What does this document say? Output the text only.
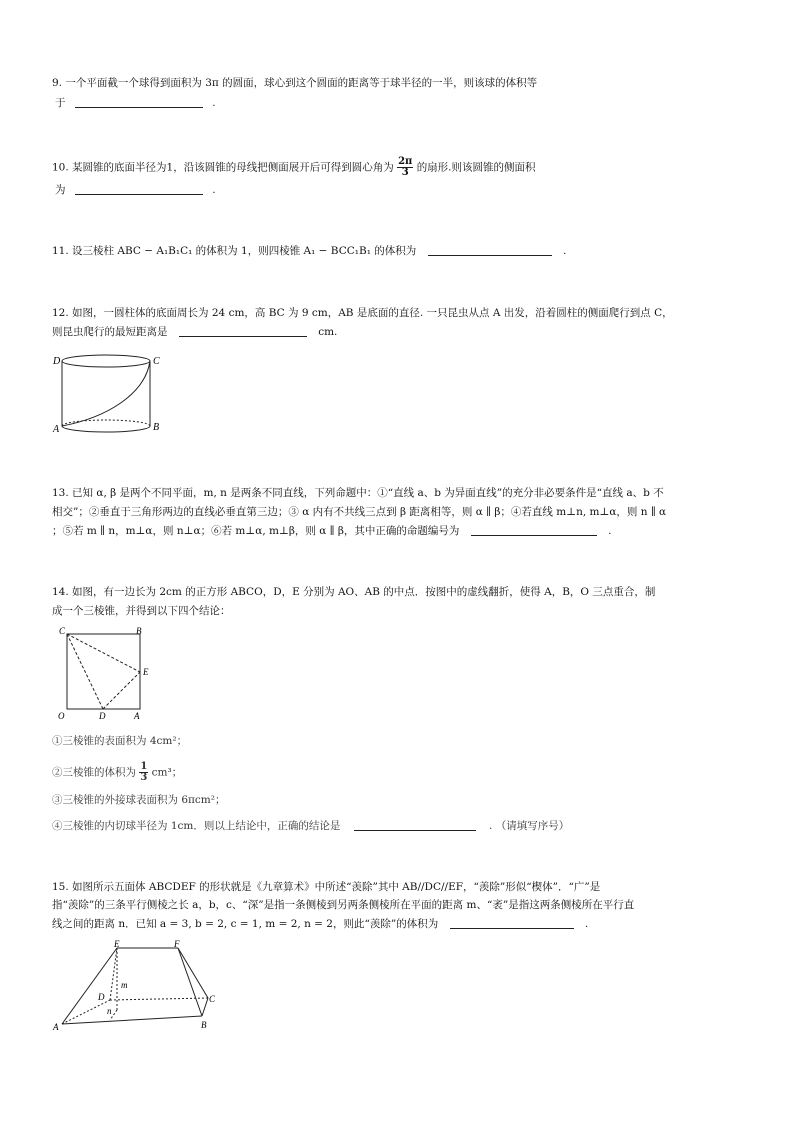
9. 一个平面截一个球得到面积为 3π 的圆面，球心到这个圆面的距离等于球半径的一半，则该球的体积等
于	.
10. 某圆锥的底面半径为1，沿该圆锥的母线把侧面展开后可得到圆心角为 $\frac{2\pi}{3}$ 的扇形.则该圆锥的侧面积
为	.
11. 设三棱柱 ABC − A₁B₁C₁ 的体积为 1，则四棱锥 A₁ − BCC₁B₁ 的体积为	.
12. 如图，一圆柱体的底面周长为 24 cm，高 BC 为 9 cm，AB 是底面的直径. 一只昆虫从点 A 出发，沿着圆柱的侧面爬行到点 C，
则昆虫爬行的最短距离是	cm.
D	C
A	B
13. 已知 α, β 是两个不同平面，m, n 是两条不同直线，下列命题中：①“直线 a、b 为异面直线”的充分非必要条件是“直线 a、b 不
相交”；②垂直于三角形两边的直线必垂直第三边；③ α 内有不共线三点到 β 距离相等，则 α ∥ β；④若直线 m⊥n, m⊥α，则 n ∥ α
；⑤若 m ∥ n，m⊥α，则 n⊥α；⑥若 m⊥α, m⊥β，则 α ∥ β，其中正确的命题编号为	.
14. 如图，有一边长为 2cm 的正方形 ABCO，D，E 分别为 AO、AB 的中点．按图中的虚线翻折，使得 A，B，O 三点重合，制
成一个三棱锥，并得到以下四个结论：
C	B
E
O	D	A
①三棱锥的表面积为 4cm²；
②三棱锥的体积为 $\frac{1}{3} cm^3$；
③三棱锥的外接球表面积为 6πcm²；
④三棱锥的内切球半径为 1cm．则以上结论中，正确的结论是	. （请填写序号）
15. 如图所示五面体 ABCDEF 的形状就是《九章算术》中所述“羡除”其中 AB//DC//EF，“羡除”形似“楔体”．“广”是
指“羡除”的三条平行侧棱之长 a，b，c、“深”是指一条侧棱到另两条侧棱所在平面的距离 m、“袤”是指这两条侧棱所在平行直
线之间的距离 n．已知 a = 3, b = 2, c = 1, m = 2, n = 2，则此“羡除”的体积为	.
E	F
m
D	C
n
A	B
